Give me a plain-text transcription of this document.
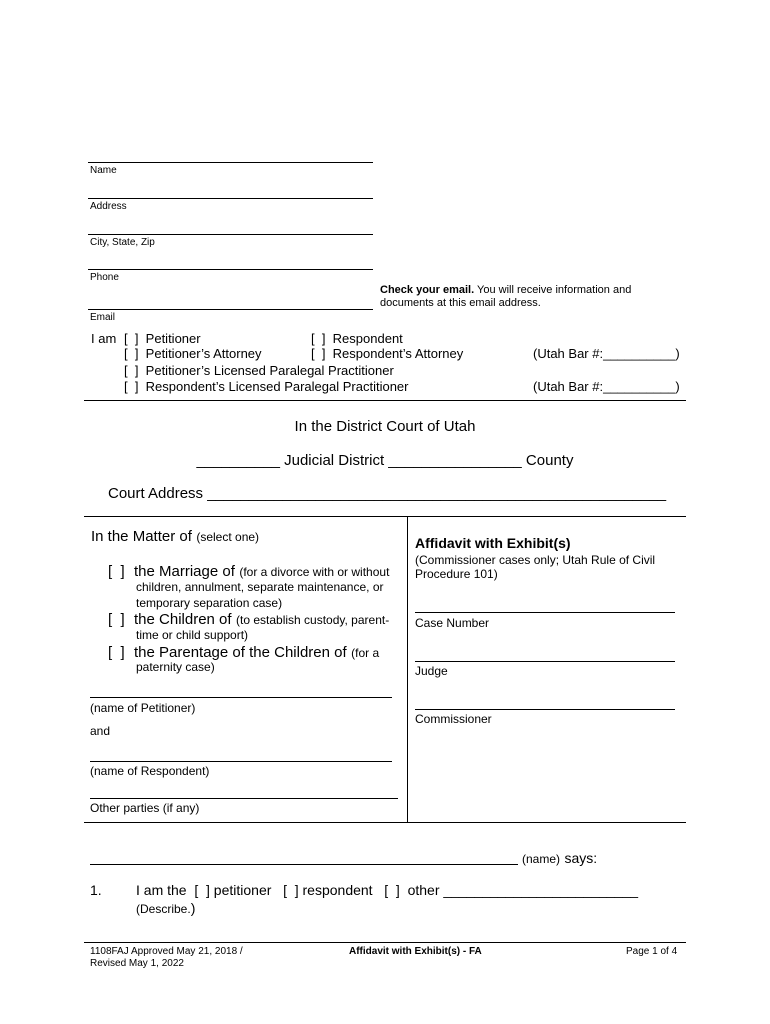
Name
Address
City, State, Zip
Phone
Check your email. You will receive information and
documents at this email address.
Email
I am [  ]  Petitioner	[  ]  Respondent
[  ]  Petitioner’s Attorney	[  ]  Respondent’s Attorney	(Utah Bar #:__________)
[  ]  Petitioner’s Licensed Paralegal Practitioner
[  ]  Respondent’s Licensed Paralegal Practitioner	(Utah Bar #:__________)
In the District Court of Utah
__________ Judicial District ________________ County
Court Address _______________________________________________________
In the Matter of (select one)
[  ] the Marriage of (for a divorce with or without
children, annulment, separate maintenance, or
temporary separation case)
[  ] the Children of (to establish custody, parent-
time or child support)
[  ] the Parentage of the Children of (for a
paternity case)
(name of Petitioner)
and
(name of Respondent)
Other parties (if any)
Affidavit with Exhibit(s)
(Commissioner cases only; Utah Rule of Civil
Procedure 101)
Case Number
Judge
Commissioner
(name) says:
1. I am the  [  ] petitioner   [  ] respondent   [  ]  other _________________________
(Describe.)
1108FAJ Approved May 21, 2018 /
Revised May 1, 2022
Affidavit with Exhibit(s) - FA	Page 1 of 4
